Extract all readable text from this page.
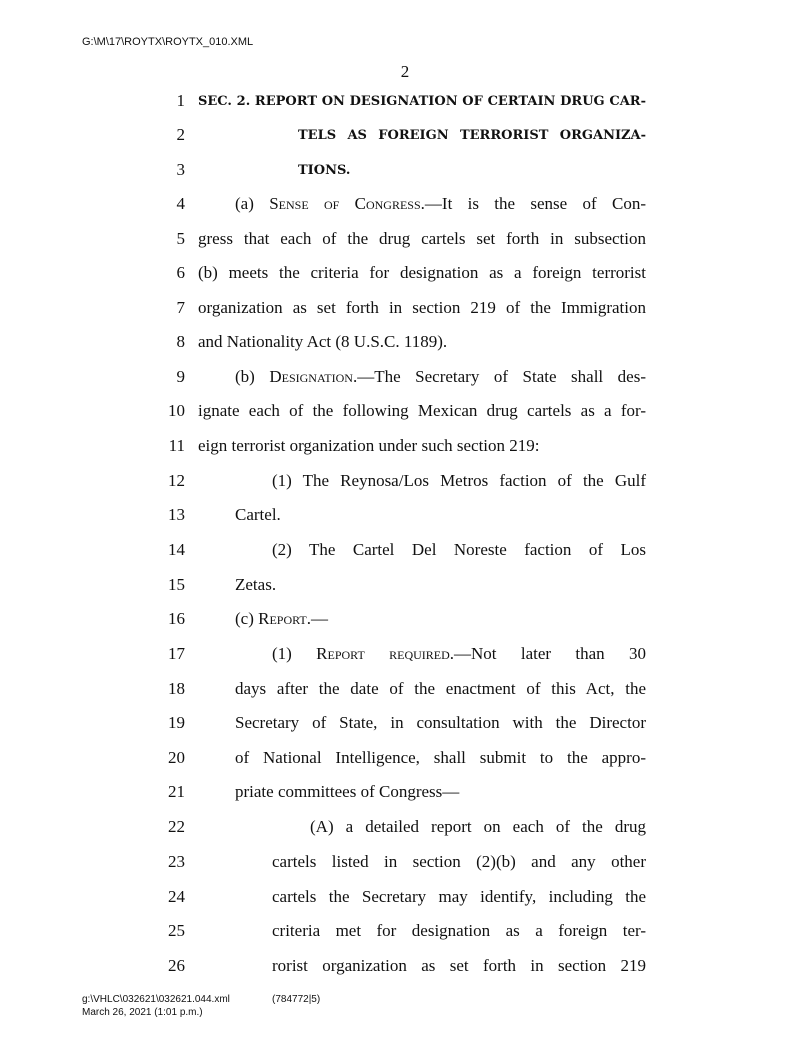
G:\M\17\ROYTX\ROYTX_010.XML
2
1 SEC. 2. REPORT ON DESIGNATION OF CERTAIN DRUG CAR-
2	TELS AS FOREIGN TERRORIST ORGANIZA-
3	TIONS.
4	(a) Sense of Congress.—It is the sense of Con-
5 gress that each of the drug cartels set forth in subsection
6 (b) meets the criteria for designation as a foreign terrorist
7 organization as set forth in section 219 of the Immigration
8 and Nationality Act (8 U.S.C. 1189).
9	(b) Designation.—The Secretary of State shall des-
10 ignate each of the following Mexican drug cartels as a for-
11 eign terrorist organization under such section 219:
12	(1) The Reynosa/Los Metros faction of the Gulf
13	Cartel.
14	(2) The Cartel Del Noreste faction of Los
15	Zetas.
16	(c) Report.—
17	(1) Report required.—Not later than 30
18	days after the date of the enactment of this Act, the
19	Secretary of State, in consultation with the Director
20	of National Intelligence, shall submit to the appro-
21	priate committees of Congress—
22	(A) a detailed report on each of the drug
23	cartels listed in section (2)(b) and any other
24	cartels the Secretary may identify, including the
25	criteria met for designation as a foreign ter-
26	rorist organization as set forth in section 219
g:\VHLC\032621\032621.044.xml	(784772|5)
March 26, 2021 (1:01 p.m.)
